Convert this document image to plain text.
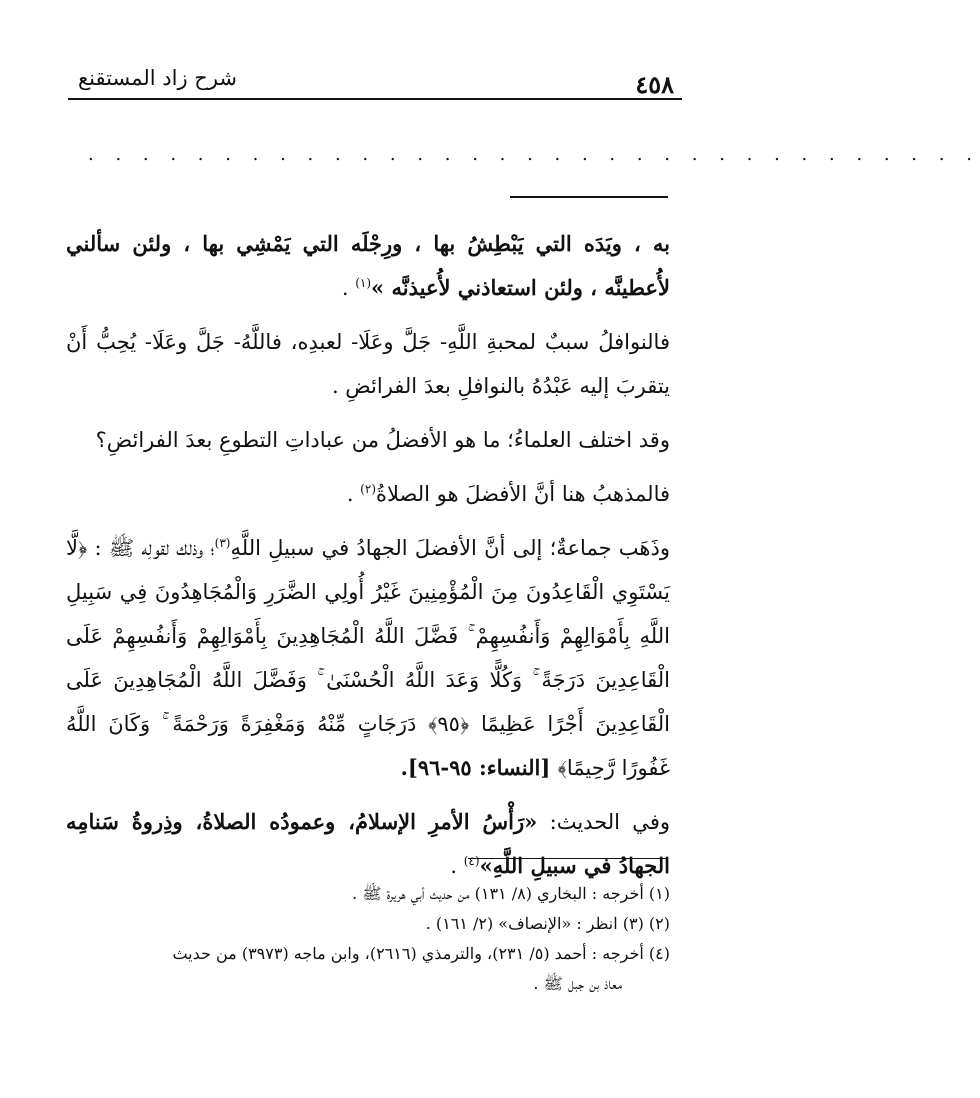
شرح زاد المستقنع	٤٥٨
. . . . . . . . . . . . . . . . . . . . . . . . . . . . . . . . .

به ، ويَدَه التي يَبْطِشُ بها ، ورِجْلَه التي يَمْشِي بها ، ولئن سألني لأُعطينَّه ، ولئن استعاذني لأُعيذنَّه »$^{(١)}$ .

فالنوافلُ سببٌ لمحبةِ اللَّهِ- جَلَّ وعَلَا- لعبدِه، فاللَّهُ- جَلَّ وعَلَا- يُحِبُّ أَنْ يتقربَ إليه عَبْدُهُ بالنوافلِ بعدَ الفرائضِ .

وقد اختلف العلماءُ؛ ما هو الأفضلُ من عباداتِ التطوعِ بعدَ الفرائضِ؟

فالمذهبُ هنا أنَّ الأفضلَ هو الصلاةُ$^{(٢)}$ .

وذَهَب جماعةٌ؛ إلى أنَّ الأفضلَ الجهادُ في سبيلِ اللَّهِ$^{(٣)}$؛ وذلك لقولِه ﷺ : ﴿لَّا يَسْتَوِي الْقَاعِدُونَ مِنَ الْمُؤْمِنِينَ غَيْرُ أُولِي الضَّرَرِ وَالْمُجَاهِدُونَ فِي سَبِيلِ اللَّهِ بِأَمْوَالِهِمْ وَأَنفُسِهِمْ ۚ فَضَّلَ اللَّهُ الْمُجَاهِدِينَ بِأَمْوَالِهِمْ وَأَنفُسِهِمْ عَلَى الْقَاعِدِينَ دَرَجَةً ۚ وَكُلًّا وَعَدَ اللَّهُ الْحُسْنَىٰ ۚ وَفَضَّلَ اللَّهُ الْمُجَاهِدِينَ عَلَى الْقَاعِدِينَ أَجْرًا عَظِيمًا ﴿٩٥﴾ دَرَجَاتٍ مِّنْهُ وَمَغْفِرَةً وَرَحْمَةً ۚ وَكَانَ اللَّهُ غَفُورًا رَّحِيمًا﴾ [النساء: ٩٥-٩٦].

وفي الحديث: «رَأْسُ الأمرِ الإسلامُ، وعمودُه الصلاةُ، وذِروةُ سَنامِه الجهادُ في سبيلِ اللَّهِ»$^{(٤)}$ .

(١) أخرجه : البخاري (٨/ ١٣١) من حديث أبي هريرة ﷺ .
(٢) (٣) انظر : «الإنصاف» (٢/ ١٦١) .
(٤) أخرجه : أحمد (٥/ ٢٣١)، والترمذي (٢٦١٦)، وابن ماجه (٣٩٧٣) من حديث
معاذ بن جبل ﷺ .
